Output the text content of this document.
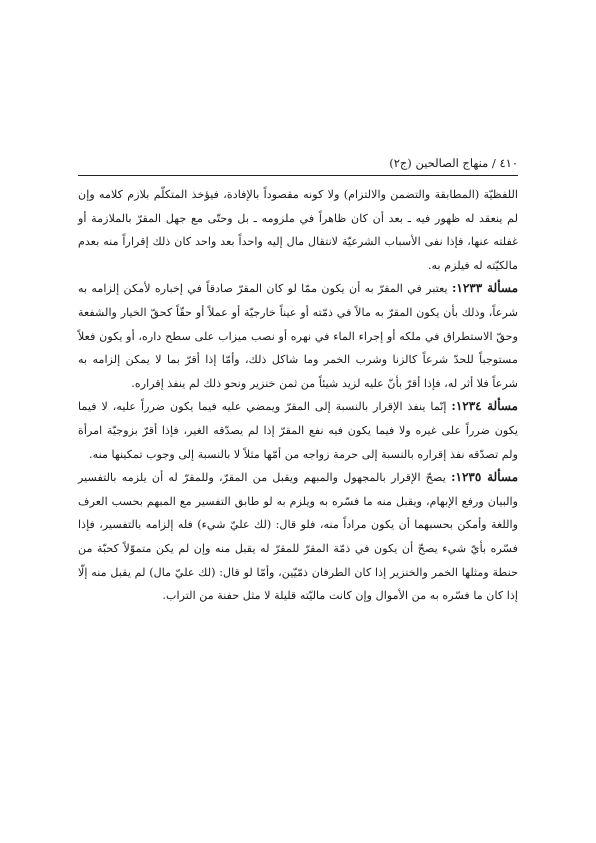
٤١٠ / منهاج الصالحين (ج٢)

اللفظيّة (المطابقة والتضمن والالتزام) ولا كونه مقصوداً بالإفادة، فيؤخذ المتكلّم بلازم كلامه وإن لم ينعقد له ظهور فيه ـ بعد أن كان ظاهراً في ملزومه ـ بل وحتّى مع جهل المقرّ بالملازمة أو غفلته عنها، فإذا نفى الأسباب الشرعيّة لانتقال مال إليه واحداً بعد واحد كان ذلك إقراراً منه بعدم مالكيّته له فيلزم به.

مسألة ١٢٣٣: يعتبر في المقرّ به أن يكون ممّا لو كان المقرّ صادقاً في إخباره لأمكن إلزامه به شرعاً، وذلك بأن يكون المقرّ به مالاً في ذمّته أو عيناً خارجيّة أو عملاً أو حقّاً كحقّ الخيار والشفعة وحقّ الاستطراق في ملكه أو إجراء الماء في نهره أو نصب ميزاب على سطح داره، أو يكون فعلاً مستوجباً للحدّ شرعاً كالزنا وشرب الخمر وما شاكل ذلك، وأمّا إذا أقرّ بما لا يمكن إلزامه به شرعاً فلا أثر له، فإذا أقرّ بأنّ عليه لزيد شيئاً من ثمن خنزير ونحو ذلك لم ينفذ إقراره.

مسألة ١٢٣٤: إنّما ينفذ الإقرار بالنسبة إلى المقرّ ويمضي عليه فيما يكون ضرراً عليه، لا فيما يكون ضرراً على غيره ولا فيما يكون فيه نفع المقرّ إذا لم يصدّقه الغير، فإذا أقرّ بزوجيّة امرأة ولم تصدّقه نفذ إقراره بالنسبة إلى حرمة زواجه من أمّها مثلاً لا بالنسبة إلى وجوب تمكينها منه.

مسألة ١٢٣٥: يصحّ الإقرار بالمجهول والمبهم ويقبل من المقرّ، وللمقرّ له أن يلزمه بالتفسير والبيان ورفع الإبهام، ويقبل منه ما فسّره به ويلزم به لو طابق التفسير مع المبهم بحسب العرف واللغة وأمكن بحسبهما أن يكون مراداً منه، فلو قال: (لك عليّ شيء) فله إلزامه بالتفسير، فإذا فسّره بأيّ شيء يصحّ أن يكون في ذمّة المقرّ للمقرّ له يقبل منه وإن لم يكن متموّلاً كحبّة من حنطة ومثلها الخمر والخنزير إذا كان الطرفان ذمّيّين، وأمّا لو قال: (لك عليّ مال) لم يقبل منه إلّا إذا كان ما فسّره به من الأموال وإن كانت ماليّته قليلة لا مثل حفنة من التراب.
